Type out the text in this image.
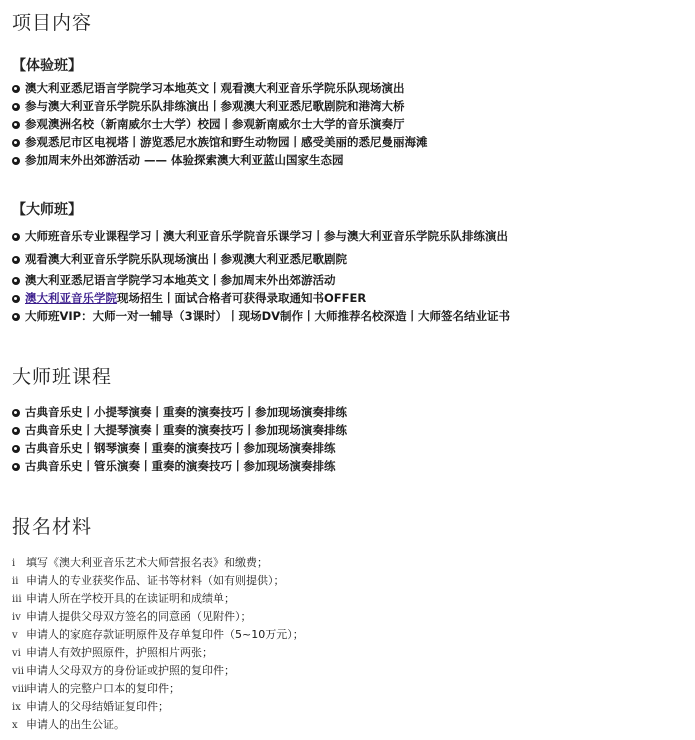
项目内容
【体验班】
澳大利亚悉尼语言学院学习本地英文丨观看澳大利亚音乐学院乐队现场演出
参与澳大利亚音乐学院乐队排练演出丨参观澳大利亚悉尼歌剧院和港湾大桥
参观澳洲名校（新南威尔士大学）校园丨参观新南威尔士大学的音乐演奏厅
参观悉尼市区电视塔丨游览悉尼水族馆和野生动物园丨感受美丽的悉尼曼丽海滩
参加周末外出郊游活动 —— 体验探索澳大利亚蓝山国家生态园
【大师班】
大师班音乐专业课程学习丨澳大利亚音乐学院音乐课学习丨参与澳大利亚音乐学院乐队排练演出
观看澳大利亚音乐学院乐队现场演出丨参观澳大利亚悉尼歌剧院
澳大利亚悉尼语言学院学习本地英文丨参加周末外出郊游活动
澳大利亚音乐学院现场招生丨面试合格者可获得录取通知书OFFER
大师班VIP：大师一对一辅导（3课时）丨现场DV制作丨大师推荐名校深造丨大师签名结业证书
大师班课程
古典音乐史丨小提琴演奏丨重奏的演奏技巧丨参加现场演奏排练
古典音乐史丨大提琴演奏丨重奏的演奏技巧丨参加现场演奏排练
古典音乐史丨钢琴演奏丨重奏的演奏技巧丨参加现场演奏排练
古典音乐史丨管乐演奏丨重奏的演奏技巧丨参加现场演奏排练
报名材料
ⅰ 填写《澳大利亚音乐艺术大师营报名表》和缴费；
ⅱ 申请人的专业获奖作品、证书等材料（如有则提供）；
ⅲ 申请人所在学校开具的在读证明和成绩单；
ⅳ 申请人提供父母双方签名的同意函（见附件）；
ⅴ 申请人的家庭存款证明原件及存单复印件（5~10万元）；
ⅵ 申请人有效护照原件，护照相片两张；
ⅶ 申请人父母双方的身份证或护照的复印件；
ⅷ申请人的完整户口本的复印件；
ⅸ 申请人的父母结婚证复印件；
ⅹ 申请人的出生公证。
